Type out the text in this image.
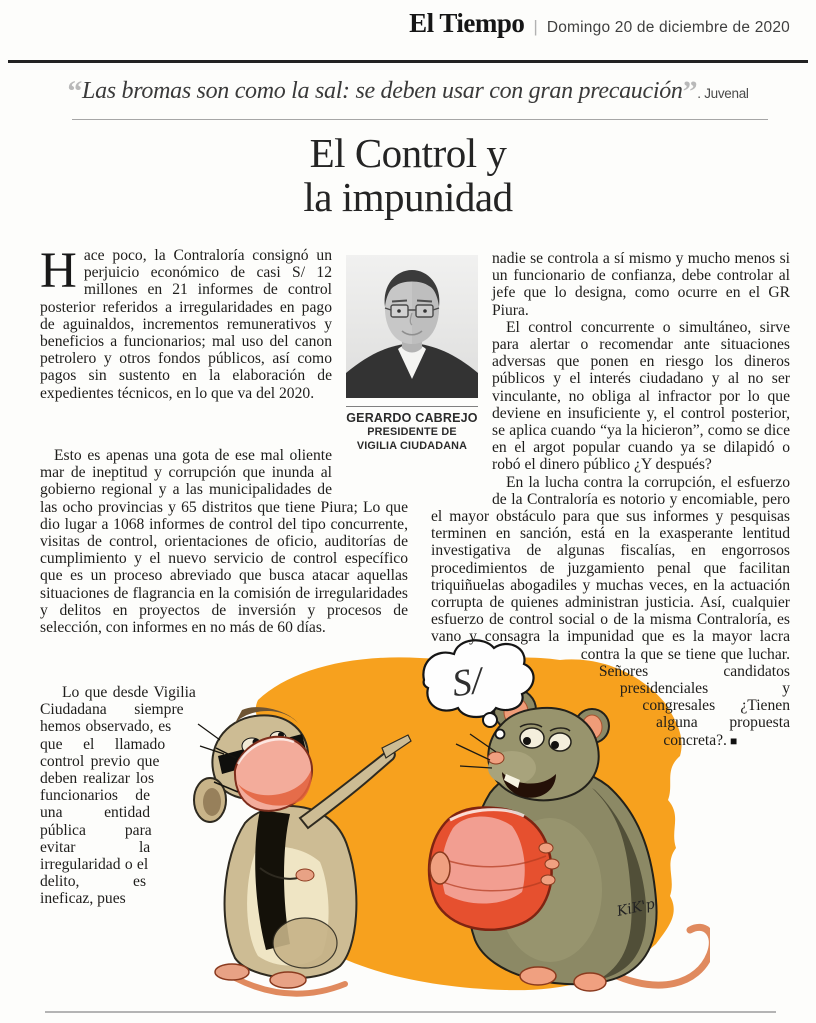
El Tiempo | Domingo 20 de diciembre de 2020
“Las bromas son como la sal: se deben usar con gran precaución”. Juvenal
El Control y
la impunidad

Hace poco, la Contraloría consignó un perjuicio económico de casi S/ 12 millones en 21 informes de control posterior referidos a irregularidades en pago de aguinaldos, incrementos remunerativos y beneficios a funcionarios; mal uso del canon petrolero y otros fondos públicos, así como pagos sin sustento en la elaboración de expedientes técnicos, en lo que va del 2020.

GERARDO CABREJO
PRESIDENTE DE
VIGILIA CIUDADANA

nadie se controla a sí mismo y mucho menos si un funcionario de confianza, debe controlar al jefe que lo designa, como ocurre en el GR Piura.

El control concurrente o simultáneo, sirve para alertar o recomendar ante situaciones adversas que ponen en riesgo los dineros públicos y el interés ciudadano y al no ser vinculante, no obliga al infractor por lo que deviene en insuficiente y, el control posterior, se aplica cuando “ya la hicieron”, como se dice en el argot popular cuando ya se dilapidó o robó el dinero público ¿Y después?

En la lucha contra la corrupción, el esfuerzo de la Contraloría es notorio y encomiable, pero el mayor obstáculo para que sus informes y pesquisas terminen en sanción, está en la exasperante lentitud investigativa de algunas fiscalías, en engorrosos procedimientos de juzgamiento penal que facilitan triquiñuelas abogadiles y muchas veces, en la actuación corrupta de quienes administran justicia. Así, cualquier esfuerzo de control social o de la misma Contraloría, es vano y consagra la impunidad que es la mayor lacra contra la que se tiene que luchar. Señores candidatos presidenciales y congresales ¿Tienen alguna propuesta concreta?. ■

Esto es apenas una gota de ese mal oliente mar de ineptitud y corrupción que inunda al gobierno regional y a las municipalidades de las ocho provincias y 65 distritos que tiene Piura; Lo que dio lugar a 1068 informes de control del tipo concurrente, visitas de control, orientaciones de oficio, auditorías de cumplimiento y el nuevo servicio de control específico que es un proceso abreviado que busca atacar aquellas situaciones de flagrancia en la comisión de irregularidades y delitos en proyectos de inversión y procesos de selección, con informes en no más de 60 días.

Lo que desde Vigilia Ciudadana siempre hemos observado, es que el llamado control previo que deben realizar los funcionarios de una entidad pública para evitar la irregularidad o el delito, es ineficaz, pues

S/
KiK'p
